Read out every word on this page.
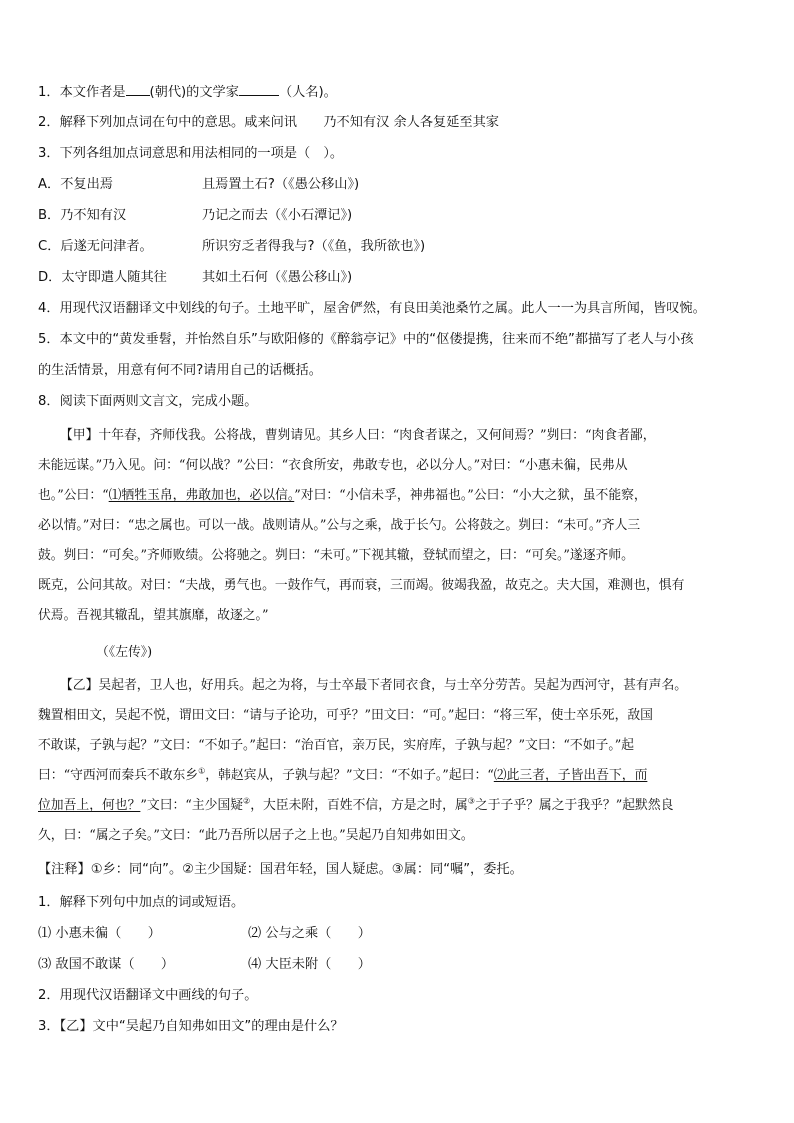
1．本文作者是 (朝代)的文学家	（人名)。
2．解释下列加点词在句中的意思。咸来问讯　　乃不知有汉 余人各复延至其家
3．下列各组加点词意思和用法相同的一项是（　）。
A．不复出焉	且焉置土石?（《愚公移山》)
B．乃不知有汉	乃记之而去（《小石潭记》)
C．后遂无问津者。	所识穷乏者得我与?（《鱼，我所欲也》)
D．太守即遣人随其往	其如土石何（《愚公移山》)
4．用现代汉语翻译文中划线的句子。土地平旷，屋舍俨然，有良田美池桑竹之属。此人一一为具言所闻，皆叹惋。
5．本文中的“黄发垂髫，并怡然自乐”与欧阳修的《醉翁亭记》中的“伛偻提携，往来而不绝”都描写了老人与小孩
的生活情景，用意有何不同?请用自己的话概括。
8．阅读下面两则文言文，完成小题。
【甲】十年春，齐师伐我。公将战，曹刿请见。其乡人曰：“肉食者谋之，又何间焉？”刿曰：“肉食者鄙，
未能远谋。”乃入见。问：“何以战？”公曰：“衣食所安，弗敢专也，必以分人。”对曰：“小惠未徧，民弗从
也。”公曰：“⑴牺牲玉帛，弗敢加也，必以信。”对曰：“小信未孚，神弗福也。”公曰：“小大之狱，虽不能察，
必以情。”对曰：“忠之属也。可以一战。战则请从。”公与之乘，战于长勺。公将鼓之。刿曰：“未可。”齐人三
鼓。刿曰：“可矣。”齐师败绩。公将驰之。刿曰：“未可。”下视其辙，登轼而望之，曰：“可矣。”遂逐齐师。
既克，公问其故。对曰：“夫战，勇气也。一鼓作气，再而衰，三而竭。彼竭我盈，故克之。夫大国，难测也，惧有
伏焉。吾视其辙乱，望其旗靡，故逐之。”
（《左传》)
【乙】吴起者，卫人也，好用兵。起之为将，与士卒最下者同衣食，与士卒分劳苦。吴起为西河守，甚有声名。
魏置相田文，吴起不悦，谓田文曰：“请与子论功，可乎？”田文曰：“可。”起曰：“将三军，使士卒乐死，敌国
不敢谋，子孰与起？”文曰：“不如子。”起曰：“治百官，亲万民，实府库，子孰与起？”文曰：“不如子。”起
曰：“守西河而秦兵不敢东乡①，韩赵宾从，子孰与起？”文曰：“不如子。”起曰：“⑵此三者，子皆出吾下，而
位加吾上，何也？”文曰：“主少国疑②，大臣未附，百姓不信，方是之时，属③之于子乎？属之于我乎？”起默然良
久，曰：“属之子矣。”文曰：“此乃吾所以居子之上也。”吴起乃自知弗如田文。
【注释】①乡：同“向”。②主少国疑：国君年轻，国人疑虑。③属：同“嘱”，委托。
1．解释下列句中加点的词或短语。
⑴ 小惠未徧（　　）	⑵ 公与之乘（　　）
⑶ 敌国不敢谋（　　）	⑷ 大臣未附（　　）
2．用现代汉语翻译文中画线的句子。
3．【乙】文中“吴起乃自知弗如田文”的理由是什么？
